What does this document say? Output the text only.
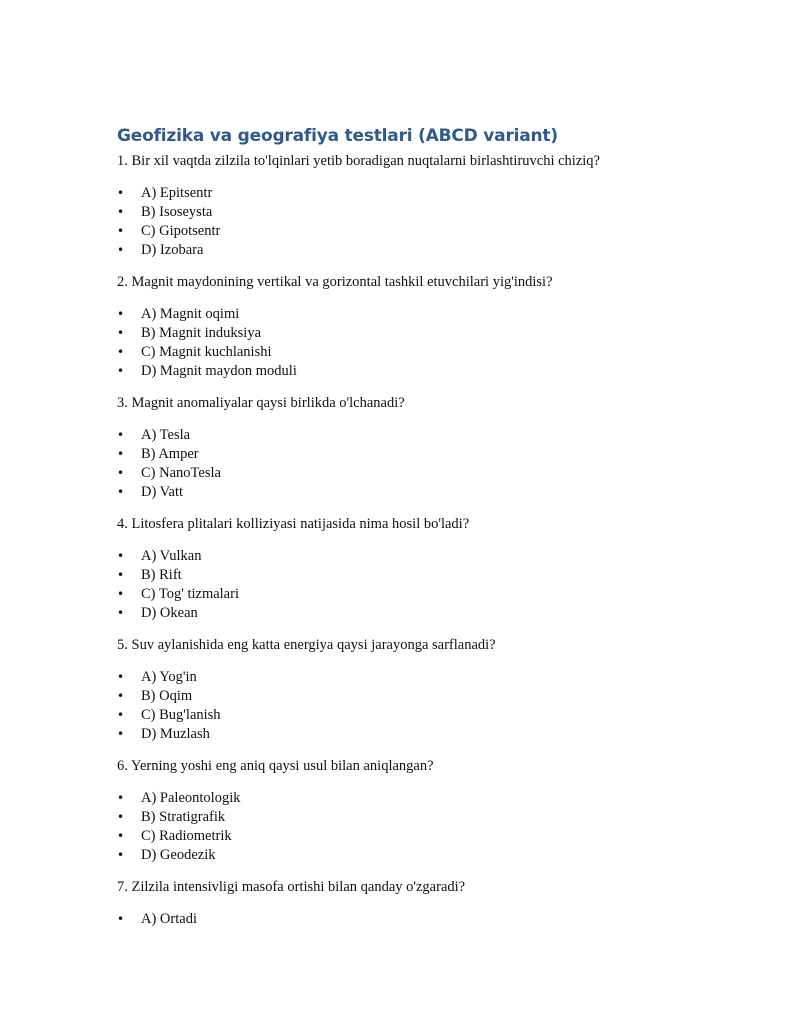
Geofizika va geografiya testlari (ABCD variant)

1. Bir xil vaqtda zilzila to'lqinlari yetib boradigan nuqtalarni birlashtiruvchi chiziq?

• A) Epitsentr
• B) Isoseysta
• C) Gipotsentr
• D) Izobara

2. Magnit maydonining vertikal va gorizontal tashkil etuvchilari yig'indisi?

• A) Magnit oqimi
• B) Magnit induksiya
• C) Magnit kuchlanishi
• D) Magnit maydon moduli

3. Magnit anomaliyalar qaysi birlikda o'lchanadi?

• A) Tesla
• B) Amper
• C) NanoTesla
• D) Vatt

4. Litosfera plitalari kolliziyasi natijasida nima hosil bo'ladi?

• A) Vulkan
• B) Rift
• C) Tog' tizmalari
• D) Okean

5. Suv aylanishida eng katta energiya qaysi jarayonga sarflanadi?

• A) Yog'in
• B) Oqim
• C) Bug'lanish
• D) Muzlash

6. Yerning yoshi eng aniq qaysi usul bilan aniqlangan?

• A) Paleontologik
• B) Stratigrafik
• C) Radiometrik
• D) Geodezik

7. Zilzila intensivligi masofa ortishi bilan qanday o'zgaradi?

• A) Ortadi
